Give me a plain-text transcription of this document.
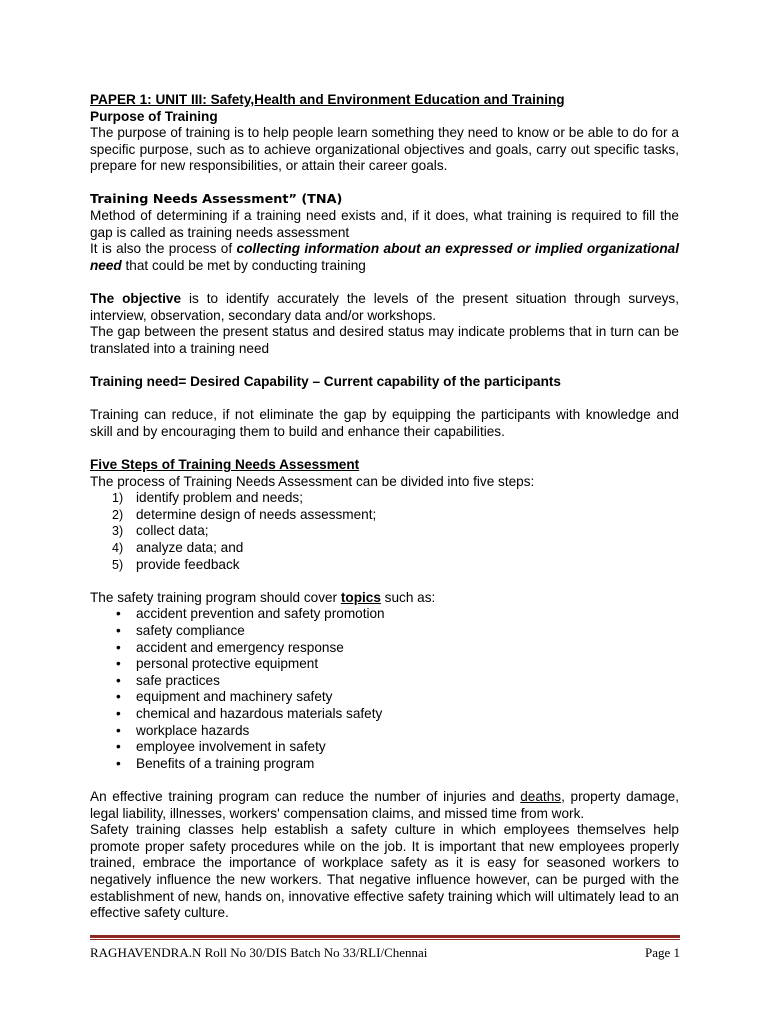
PAPER 1: UNIT III: Safety,Health and Environment Education and Training

Purpose of Training

The purpose of training is to help people learn something they need to know or be able to do for a specific purpose, such as to achieve organizational objectives and goals, carry out specific tasks, prepare for new responsibilities, or attain their career goals.

Training Needs Assessment” (TNA)

Method of determining if a training need exists and, if it does, what training is required to fill the gap is called as training needs assessment

It is also the process of collecting information about an expressed or implied organizational need that could be met by conducting training

The objective is to identify accurately the levels of the present situation through surveys, interview, observation, secondary data and/or workshops.

The gap between the present status and desired status may indicate problems that in turn can be translated into a training need

Training need= Desired Capability – Current capability of the participants

Training can reduce, if not eliminate the gap by equipping the participants with knowledge and skill and by encouraging them to build and enhance their capabilities.

Five Steps of Training Needs Assessment

The process of Training Needs Assessment can be divided into five steps:

1) identify problem and needs;
2) determine design of needs assessment;
3) collect data;
4) analyze data; and
5) provide feedback

The safety training program should cover topics such as:

• accident prevention and safety promotion
• safety compliance
• accident and emergency response
• personal protective equipment
• safe practices
• equipment and machinery safety
• chemical and hazardous materials safety
• workplace hazards
• employee involvement in safety
• Benefits of a training program

An effective training program can reduce the number of injuries and deaths, property damage, legal liability, illnesses, workers' compensation claims, and missed time from work.

Safety training classes help establish a safety culture in which employees themselves help promote proper safety procedures while on the job. It is important that new employees properly trained, embrace the importance of workplace safety as it is easy for seasoned workers to negatively influence the new workers. That negative influence however, can be purged with the establishment of new, hands on, innovative effective safety training which will ultimately lead to an effective safety culture.

RAGHAVENDRA.N Roll No 30/DIS Batch No 33/RLI/Chennai	Page 1
